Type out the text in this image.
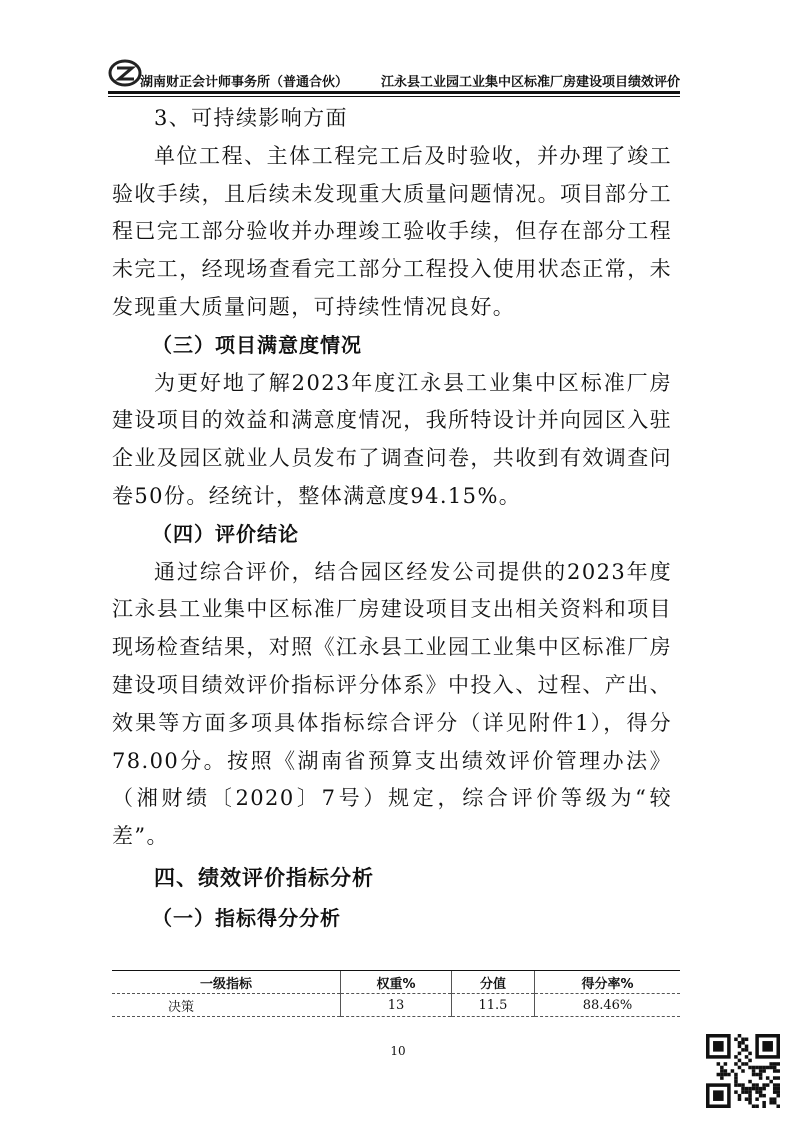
湖南财正会计师事务所（普通合伙）	江永县工业园工业集中区标准厂房建设项目绩效评价

3、可持续影响方面

单位工程、主体工程完工后及时验收，并办理了竣工验收手续，且后续未发现重大质量问题情况。项目部分工程已完工部分验收并办理竣工验收手续，但存在部分工程未完工，经现场查看完工部分工程投入使用状态正常，未发现重大质量问题，可持续性情况良好。

（三）项目满意度情况

为更好地了解2023年度江永县工业集中区标准厂房建设项目的效益和满意度情况，我所特设计并向园区入驻企业及园区就业人员发布了调查问卷，共收到有效调查问卷50份。经统计，整体满意度94.15%。

（四）评价结论

通过综合评价，结合园区经发公司提供的2023年度江永县工业集中区标准厂房建设项目支出相关资料和项目现场检查结果，对照《江永县工业园工业集中区标准厂房建设项目绩效评价指标评分体系》中投入、过程、产出、效果等方面多项具体指标综合评分（详见附件1），得分78.00分。按照《湖南省预算支出绩效评价管理办法》（湘财绩〔2020〕7号）规定，综合评价等级为“较差”。

四、绩效评价指标分析

（一）指标得分分析

一级指标	权重%	分值	得分率%
决策	13	11.5	88.46%
10
